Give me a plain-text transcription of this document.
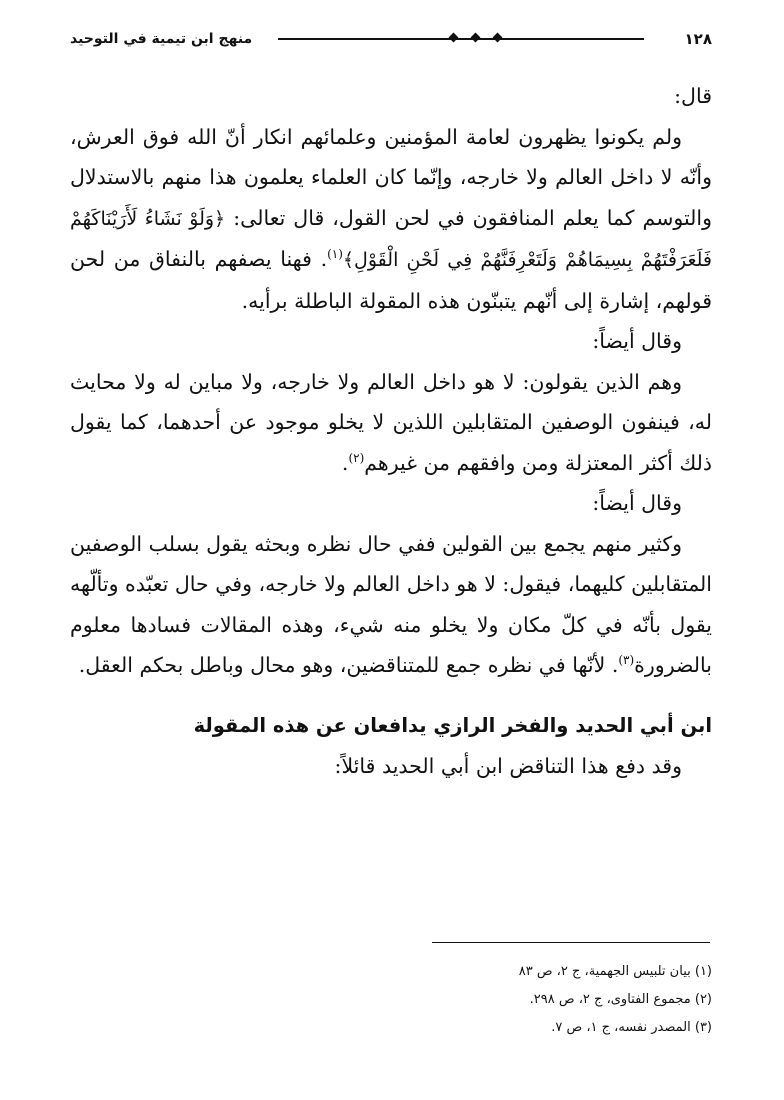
١٢٨
منهج ابن تيمية في التوحيد

قال:

ولم يكونوا يظهرون لعامة المؤمنين وعلمائهم انكار أنّ الله فوق العرش، وأنّه لا داخل العالم ولا خارجه، وإنّما كان العلماء يعلمون هذا منهم بالاستدلال والتوسم كما يعلم المنافقون في لحن القول، قال تعالى: ﴿وَلَوْ نَشَاءُ لَأَرَيْنَاكَهُمْ فَلَعَرَفْتَهُمْ بِسِيمَاهُمْ وَلَتَعْرِفَنَّهُمْ فِي لَحْنِ الْقَوْلِ﴾$^{(١)}$. فهنا يصفهم بالنفاق من لحن قولهم، إشارة إلى أنّهم يتبنّون هذه المقولة الباطلة برأيه.

وقال أيضاً:

وهم الذين يقولون: لا هو داخل العالم ولا خارجه، ولا مباين له ولا محايث له، فينفون الوصفين المتقابلين اللذين لا يخلو موجود عن أحدهما، كما يقول ذلك أكثر المعتزلة ومن وافقهم من غيرهم$^{(٢)}$.

وقال أيضاً:

وكثير منهم يجمع بين القولين ففي حال نظره وبحثه يقول بسلب الوصفين المتقابلين كليهما، فيقول: لا هو داخل العالم ولا خارجه، وفي حال تعبّده وتألّهه يقول بأنّه في كلّ مكان ولا يخلو منه شيء، وهذه المقالات فسادها معلوم بالضرورة$^{(٣)}$. لأنّها في نظره جمع للمتناقضين، وهو محال وباطل بحكم العقل.

ابن أبي الحديد والفخر الرازي يدافعان عن هذه المقولة

وقد دفع هذا التناقض ابن أبي الحديد قائلاً:

(١) بيان تلبيس الجهمية، ج ٢، ص ٨٣

(٢) مجموع الفتاوى، ج ٢، ص ٢٩٨.

(٣) المصدر نفسه، ج ١، ص ٧.
